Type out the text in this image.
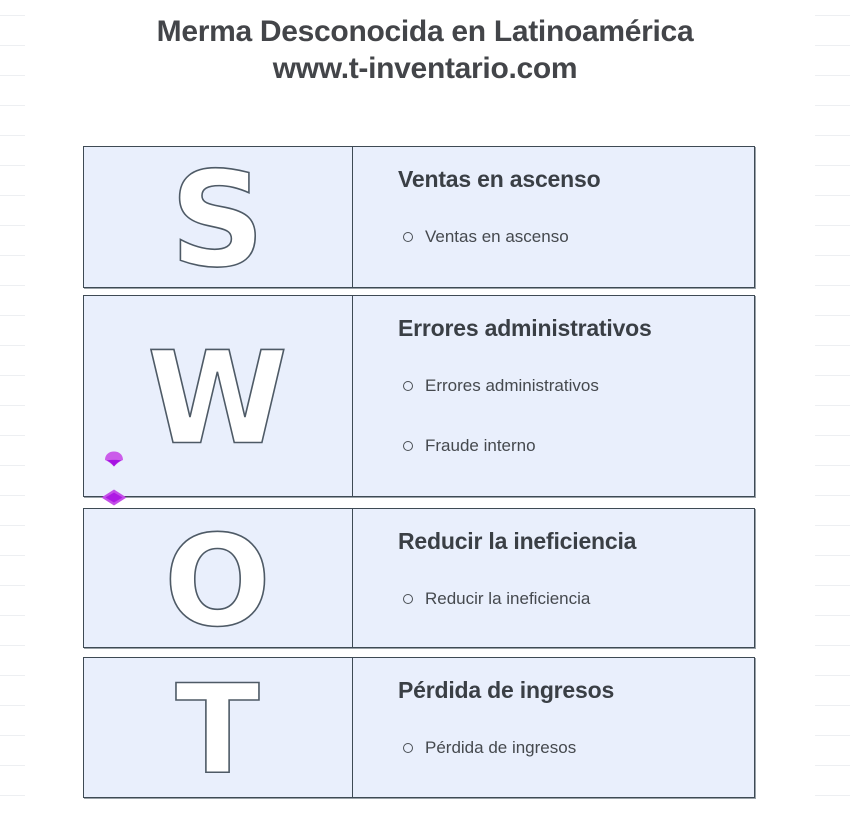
Merma Desconocida en Latinoamérica
www.t-inventario.com
S	Ventas en ascenso
Ventas en ascenso
W	Errores administrativos
Errores administrativos
Fraude interno
O	Reducir la ineficiencia
Reducir la ineficiencia
T	Pérdida de ingresos
Pérdida de ingresos
